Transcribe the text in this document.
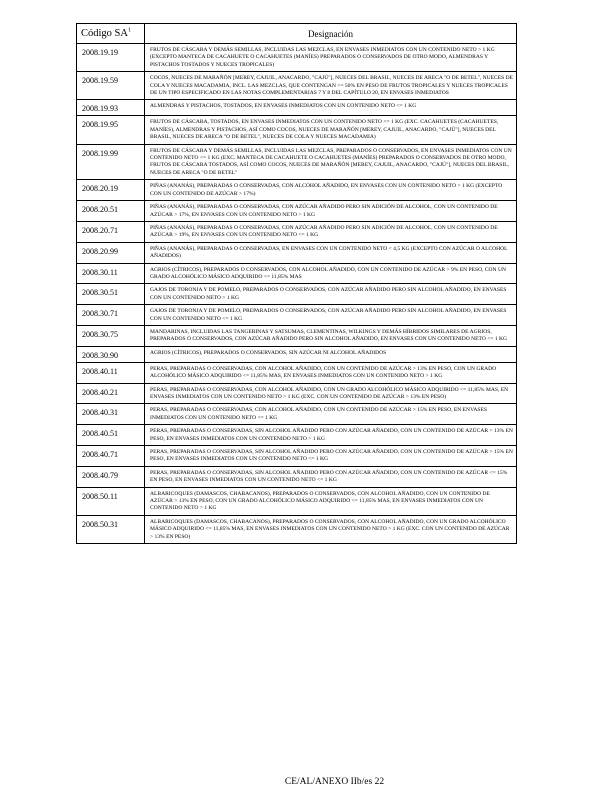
Código $SA^1$	Designación
2008.19.19	FRUTOS DE CÁSCARA Y DEMÁS SEMILLAS, INCLUIDAS LAS MEZCLAS, EN ENVASES INMEDIATOS CON UN CONTENIDO NETO > 1 KG (EXCEPTO MANTECA DE CACAHUETE O CACAHUETES (MANÍES) PREPARADOS O CONSERVADOS DE OTRO MODO, ALMENDRAS Y PISTACHOS TOSTADOS Y NUECES TROPICALES)
2008.19.59	COCOS, NUECES DE MARAÑÓN [MEREY, CAJUIL, ANACARDO, "CAJÚ"], NUECES DEL BRASIL, NUECES DE ARECA "O DE BETEL", NUECES DE COLA Y NUECES MACADAMIA, INCL. LAS MEZCLAS, QUE CONTENGAN >= 50% EN PESO DE FRUTOS TROPICALES Y NUECES TROPICALES DE UN TIPO ESPECIFICADO EN LAS NOTAS COMPLEMENTARIAS 7 Y 8 DEL CAPÍTULO 20, EN ENVASES INMEDIATOS
2008.19.93	ALMENDRAS Y PISTACHOS, TOSTADOS, EN ENVASES INMEDIATOS CON UN CONTENIDO NETO <= 1 KG
2008.19.95	FRUTOS DE CÁSCARA, TOSTADOS, EN ENVASES INMEDIATOS CON UN CONTENIDO NETO <= 1 KG (EXC. CACAHUETES (CACAHUETES, MANÍES), ALMENDRAS Y PISTACHOS, ASÍ COMO COCOS, NUECES DE MARAÑÓN [MEREY, CAJUIL, ANACARDO, "CAJÚ"], NUECES DEL BRASIL, NUECES DE ARECA "O DE BETEL", NUECES DE COLA Y NUECES MACADAMIA)
2008.19.99	FRUTOS DE CÁSCARA Y DEMÁS SEMILLAS, INCLUIDAS LAS MEZCLAS, PREPARADOS O CONSERVADOS, EN ENVASES INMEDIATOS CON UN CONTENIDO NETO <= 1 KG (EXC. MANTECA DE CACAHUETE O CACAHUETES (MANÍES) PREPARADOS O CONSERVADOS DE OTRO MODO, FRUTOS DE CÁSCARA TOSTADOS, ASÍ COMO COCOS, NUECES DE MARAÑÓN [MEREY, CAJUIL, ANACARDO, "CAJÚ"], NUECES DEL BRASIL, NUECES DE ARECA "O DE BETEL"
2008.20.19	PIÑAS (ANANÁS), PREPARADAS O CONSERVADAS, CON ALCOHOL AÑADIDO, EN ENVASES CON UN CONTENIDO NETO > 1 KG (EXCEPTO CON UN CONTENIDO DE AZÚCAR > 17%)
2008.20.51	PIÑAS (ANANÁS), PREPARADAS O CONSERVADAS, CON AZÚCAR AÑADIDO PERO SIN ADICIÓN DE ALCOHOL, CON UN CONTENIDO DE AZÚCAR > 17%, EN ENVASES CON UN CONTENIDO NETO > 1 KG
2008.20.71	PIÑAS (ANANÁS), PREPARADAS O CONSERVADAS, CON AZÚCAR AÑADIDO PERO SIN ADICIÓN DE ALCOHOL, CON UN CONTENIDO DE AZÚCAR > 19%, EN ENVASES CON UN CONTENIDO NETO <= 1 KG
2008.20.99	PIÑAS (ANANÁS), PREPARADAS O CONSERVADAS, EN ENVASES CON UN CONTENIDO NETO < 4,5 KG (EXCEPTO CON AZÚCAR O ALCOHOL AÑADIDOS)
2008.30.11	AGRIOS (CÍTRICOS), PREPARADOS O CONSERVADOS, CON ALCOHOL AÑADIDO, CON UN CONTENIDO DE AZÚCAR > 9% EN PESO, CON UN GRADO ALCOHÓLICO MÁSICO ADQUIRIDO <= 11,85% MAS
2008.30.51	GAJOS DE TORONJA Y DE POMELO, PREPARADOS O CONSERVADOS, CON AZÚCAR AÑADIDO PERO SIN ALCOHOL AÑADIDO, EN ENVASES CON UN CONTENIDO NETO > 1 KG
2008.30.71	GAJOS DE TORONJA Y DE POMELO, PREPARADOS O CONSERVADOS, CON AZÚCAR AÑADIDO PERO SIN ALCOHOL AÑADIDO, EN ENVASES CON UN CONTENIDO NETO <= 1 KG
2008.30.75	MANDARINAS, INCLUIDAS LAS TANGERINAS Y SATSUMAS, CLEMENTINAS, WILKINGS Y DEMÁS HÍBRIDOS SIMILARES DE AGRIOS, PREPARADOS O CONSERVADOS, CON AZÚCAR AÑADIDO PERO SIN ALCOHOL AÑADIDO, EN ENVASES CON UN CONTENIDO NETO <= 1 KG
2008.30.90	AGRIOS (CÍTRICOS), PREPARADOS O CONSERVADOS, SIN AZÚCAR NI ALCOHOL AÑADIDOS
2008.40.11	PERAS, PREPARADAS O CONSERVADAS, CON ALCOHOL AÑADIDO, CON UN CONTENIDO DE AZÚCAR > 13% EN PESO, CON UN GRADO ALCOHÓLICO MÁSICO ADQUIRIDO <= 11,85% MAS, EN ENVASES INMEDIATOS CON UN CONTENIDO NETO > 1 KG
2008.40.21	PERAS, PREPARADAS O CONSERVADAS, CON ALCOHOL AÑADIDO, CON UN GRADO ALCOHÓLICO MÁSICO ADQUIRIDO <= 11,85% MAS, EN ENVASES INMEDIATOS CON UN CONTENIDO NETO > 1 KG (EXC. CON UN CONTENIDO DE AZÚCAR > 13% EN PESO)
2008.40.31	PERAS, PREPARADAS O CONSERVADAS, CON ALCOHOL AÑADIDO, CON UN CONTENIDO DE AZÚCAR > 15% EN PESO, EN ENVASES INMEDIATOS CON UN CONTENIDO NETO <= 1 KG
2008.40.51	PERAS, PREPARADAS O CONSERVADAS, SIN ALCOHOL AÑADIDO PERO CON AZÚCAR AÑADIDO, CON UN CONTENIDO DE AZÚCAR > 13% EN PESO, EN ENVASES INMEDIATOS CON UN CONTENIDO NETO > 1 KG
2008.40.71	PERAS, PREPARADAS O CONSERVADAS, SIN ALCOHOL AÑADIDO PERO CON AZÚCAR AÑADIDO, CON UN CONTENIDO DE AZÚCAR > 15% EN PESO, EN ENVASES INMEDIATOS CON UN CONTENIDO NETO <= 1 KG
2008.40.79	PERAS, PREPARADAS O CONSERVADAS, SIN ALCOHOL AÑADIDO PERO CON AZÚCAR AÑADIDO, CON UN CONTENIDO DE AZÚCAR <= 15% EN PESO, EN ENVASES INMEDIATOS CON UN CONTENIDO NETO <= 1 KG
2008.50.11	ALBARICOQUES (DAMASCOS, CHABACANOS), PREPARADOS O CONSERVADOS, CON ALCOHOL AÑADIDO, CON UN CONTENIDO DE AZÚCAR > 13% EN PESO, CON UN GRADO ALCOHÓLICO MÁSICO ADQUIRIDO <= 11,85% MAS, EN ENVASES INMEDIATOS CON UN CONTENIDO NETO > 1 KG
2008.50.31	ALBARICOQUES (DAMASCOS, CHABACANOS), PREPARADOS O CONSERVADOS, CON ALCOHOL AÑADIDO, CON UN GRADO ALCOHÓLICO MÁSICO ADQUIRIDO <= 11,85% MAS, EN ENVASES INMEDIATOS CON UN CONTENIDO NETO > 1 KG (EXC. CON UN CONTENIDO DE AZÚCAR > 13% EN PESO)
CE/AL/ANEXO IIb/es 22
